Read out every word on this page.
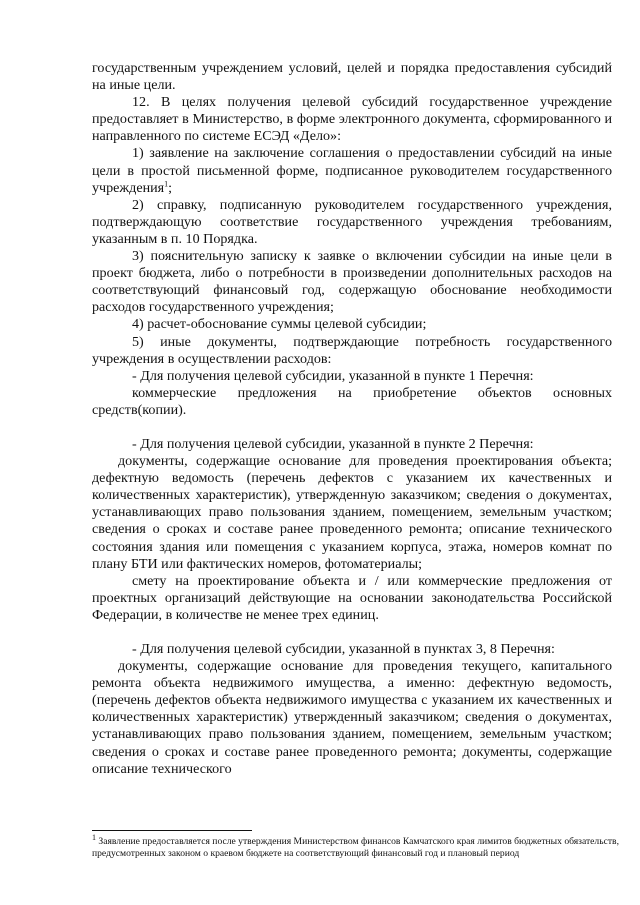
государственным учреждением условий, целей и порядка предоставления субсидий на иные цели.

12. В целях получения целевой субсидий государственное учреждение предоставляет в Министерство, в форме электронного документа, сформированного и направленного по системе ЕСЭД «Дело»:

1) заявление на заключение соглашения о предоставлении субсидий на иные цели в простой письменной форме, подписанное руководителем государственного учреждения$^1$;

2) справку, подписанную руководителем государственного учреждения, подтверждающую соответствие государственного учреждения требованиям, указанным в п. 10 Порядка.

3) пояснительную записку к заявке о включении субсидии на иные цели в проект бюджета, либо о потребности в произведении дополнительных расходов на соответствующий финансовый год, содержащую обоснование необходимости расходов государственного учреждения;

4) расчет-обоснование суммы целевой субсидии;

5) иные документы, подтверждающие потребность государственного учреждения в осуществлении расходов:

- Для получения целевой субсидии, указанной в пункте 1 Перечня:

коммерческие предложения на приобретение объектов основных средств(копии).

- Для получения целевой субсидии, указанной в пункте 2 Перечня:

документы, содержащие основание для проведения проектирования объекта; дефектную ведомость (перечень дефектов с указанием их качественных и количественных характеристик), утвержденную заказчиком; сведения о документах, устанавливающих право пользования зданием, помещением, земельным участком; сведения о сроках и составе ранее проведенного ремонта; описание технического состояния здания или помещения с указанием корпуса, этажа, номеров комнат по плану БТИ или фактических номеров, фотоматериалы;

смету на проектирование объекта и / или коммерческие предложения от проектных организаций действующие на основании законодательства Российской Федерации, в количестве не менее трех единиц.

- Для получения целевой субсидии, указанной в пунктах 3, 8 Перечня:

документы, содержащие основание для проведения текущего, капитального ремонта объекта недвижимого имущества, а именно: дефектную ведомость, (перечень дефектов объекта недвижимого имущества с указанием их качественных и количественных характеристик) утвержденный заказчиком; сведения о документах, устанавливающих право пользования зданием, помещением, земельным участком; сведения о сроках и составе ранее проведенного ремонта; документы, содержащие описание технического

$^1$ Заявление предоставляется после утверждения Министерством финансов Камчатского края лимитов бюджетных обязательств, предусмотренных законом о краевом бюджете на соответствующий финансовый год и плановый период
